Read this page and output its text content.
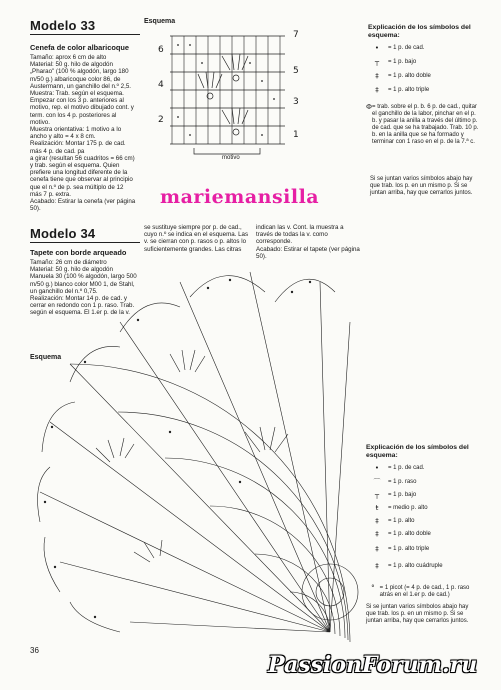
Modelo 33
Cenefa de color albaricoque
Tamaño: aprox 6 cm de alto
Material: 50 g. hilo de algodón „Pharao" (100 % algodón, largo 180 m/50 g.) albaricoque color 86, de Austermann, un ganchillo del n.º 2,5.
Muestra: Trab. según el esquema. Empezar con los 3 p. anteriores al motivo, rep. el motivo dibujado cont. y term. con los 4 p. posteriores al motivo.
Muestra orientativa: 1 motivo a lo ancho y alto = 4 x 8 cm.
Realización: Montar 175 p. de cad. más 4 p. de cad. pa
a girar (resultan 56 cuadritos = 66 cm) y trab. según el esquema. Quien prefiere una longitud diferente de la cenefa tiene que observar al principio que el n.º de p. sea múltiplo de 12 más 7 p. extra.
Acabado: Estirar la cenefa (ver página 50).
Esquema
motivo
6
4
2
7
5
3
1
Explicación de los símbolos del esquema:
•	= 1 p. de cad.
┬	= 1 p. bajo
‡	= 1 p. alto doble
‡	= 1 p. alto triple
Ф = trab. sobre el p. b. 6 p. de cad., quitar el ganchillo de la labor, pinchar en el p. b. y pasar la anilla a través del último p. de cad. que se ha trabajado. Trab. 10 p. b. en la anilla que se ha formado y terminar con 1 raso en el p. de la 7.ª c.
Si se juntan varios símbolos abajo hay que trab. los p. en un mismo p. Si se juntan arriba, hay que cerrarlos juntos.
mariemansilla
Modelo 34
Tapete con borde arqueado
Tamaño: 26 cm de diámetro
Material: 50 g. hilo de algodón Manuela 30 (100 % algodón, largo 500 m/50 g.) blanco color M00 1, de Stahl, un ganchillo del n.º 0,75.
Realización: Montar 14 p. de cad. y cerrar en redondo con 1 p. raso. Trab. según el esquema. El 1.er p. de la v.
se sustituye siempre por p. de cad., cuyo n.º se indica en el esquema. Las v. se cierran con p. rasos o p. altos lo suficientemente grandes. Las citras
indican las v. Cont. la muestra a través de todas la v. como corresponde.
Acabado: Estirar el tapete (ver página 50).
Esquema
Explicación de los símbolos del esquema:
•	= 1 p. de cad.
⌒	= 1 p. raso
┬	= 1 p. bajo
ŧ	= medio p. alto
‡	= 1 p. alto
‡	= 1 p. alto doble
‡	= 1 p. alto triple
‡	= 1 p. alto cuádruple
° = 1 picot (= 4 p. de cad., 1 p. raso atrás en el 1.er p. de cad.)
Si se juntan varios símbolos abajo hay que trab. los p. en un mismo p. Si se juntan arriba, hay que cerrarlos juntos.
36
PassionForum.ru
